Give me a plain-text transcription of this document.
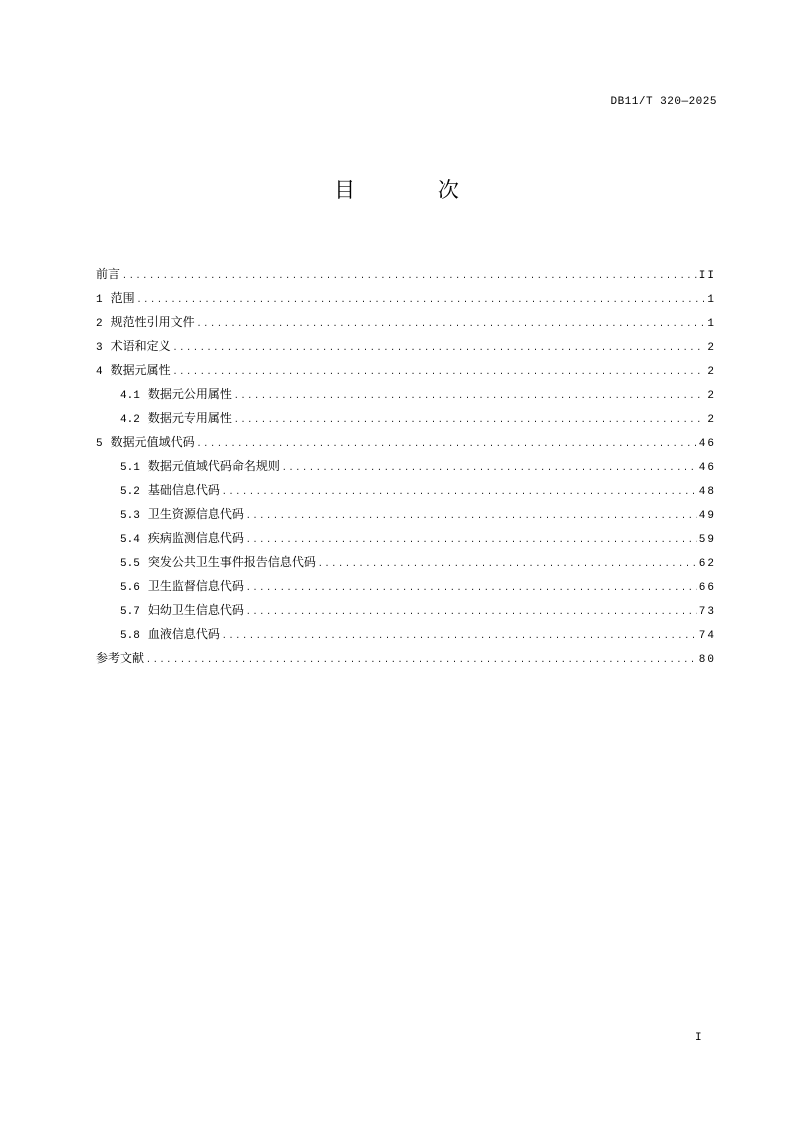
DB11/T 320—2025
目 次
前言 . . .	II
1 范围 . . .	1
2 规范性引用文件 . . .	1
3 术语和定义 . . .	2
4 数据元属性 . . .	2
4.1 数据元公用属性 . . .	2
4.2 数据元专用属性 . . .	2
5 数据元值域代码 . . .	46
5.1 数据元值域代码命名规则 . . .	46
5.2 基础信息代码 . . .	48
5.3 卫生资源信息代码 . . .	49
5.4 疾病监测信息代码 . . .	59
5.5 突发公共卫生事件报告信息代码 . . .	62
5.6 卫生监督信息代码 . . .	66
5.7 妇幼卫生信息代码 . . .	73
5.8 血液信息代码 . . .	74
参考文献 . . .	80
I
